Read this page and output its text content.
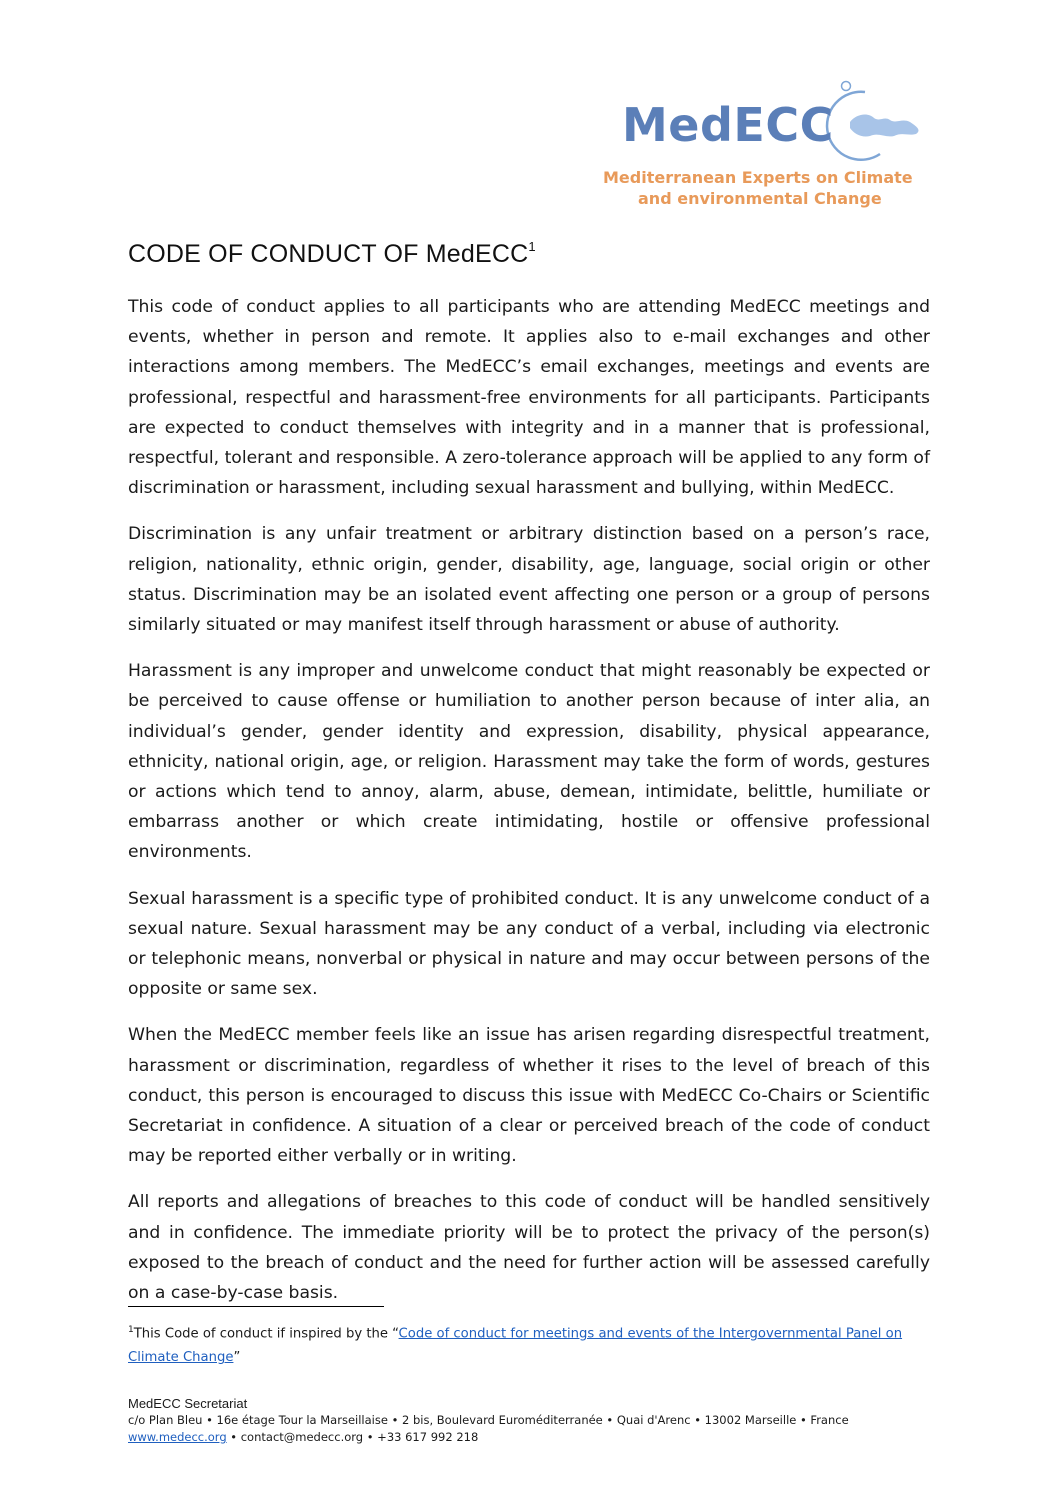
MedECC
Mediterranean Experts on Climate
and environmental Change
CODE OF CONDUCT OF MedECC$^1$

This code of conduct applies to all participants who are attending MedECC meetings and events, whether in person and remote. It applies also to e-mail exchanges and other interactions among members. The MedECC’s email exchanges, meetings and events are professional, respectful and harassment-free environments for all participants. Participants are expected to conduct themselves with integrity and in a manner that is professional, respectful, tolerant and responsible. A zero-tolerance approach will be applied to any form of discrimination or harassment, including sexual harassment and bullying, within MedECC.

Discrimination is any unfair treatment or arbitrary distinction based on a person’s race, religion, nationality, ethnic origin, gender, disability, age, language, social origin or other status. Discrimination may be an isolated event affecting one person or a group of persons similarly situated or may manifest itself through harassment or abuse of authority.

Harassment is any improper and unwelcome conduct that might reasonably be expected or be perceived to cause offense or humiliation to another person because of inter alia, an individual’s gender, gender identity and expression, disability, physical appearance, ethnicity, national origin, age, or religion. Harassment may take the form of words, gestures or actions which tend to annoy, alarm, abuse, demean, intimidate, belittle, humiliate or embarrass another or which create intimidating, hostile or offensive professional environments.

Sexual harassment is a specific type of prohibited conduct. It is any unwelcome conduct of a sexual nature. Sexual harassment may be any conduct of a verbal, including via electronic or telephonic means, nonverbal or physical in nature and may occur between persons of the opposite or same sex.

When the MedECC member feels like an issue has arisen regarding disrespectful treatment, harassment or discrimination, regardless of whether it rises to the level of breach of this conduct, this person is encouraged to discuss this issue with MedECC Co-Chairs or Scientific Secretariat in confidence. A situation of a clear or perceived breach of the code of conduct may be reported either verbally or in writing.

All reports and allegations of breaches to this code of conduct will be handled sensitively and in confidence. The immediate priority will be to protect the privacy of the person(s) exposed to the breach of conduct and the need for further action will be assessed carefully on a case-by-case basis.

$^1$This Code of conduct if inspired by the “Code of conduct for meetings and events of the Intergovernmental Panel on Climate Change”
MedECC Secretariat
c/o Plan Bleu • 16e étage Tour la Marseillaise • 2 bis, Boulevard Euroméditerranée • Quai d'Arenc • 13002 Marseille • France
www.medecc.org • contact@medecc.org • +33 617 992 218
